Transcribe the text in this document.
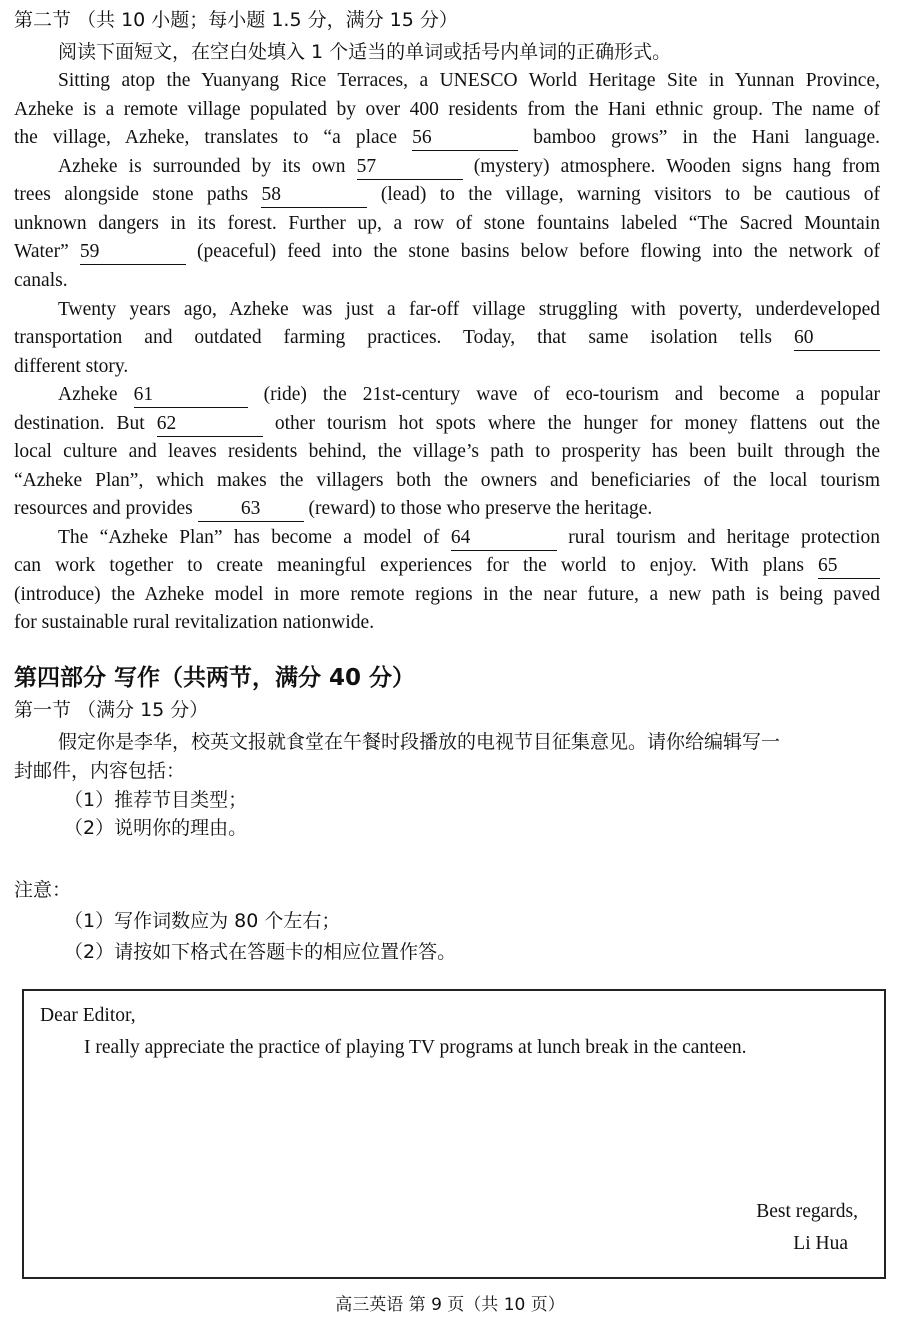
第二节 （共 10 小题；每小题 1.5 分，满分 15 分）
阅读下面短文，在空白处填入 1 个适当的单词或括号内单词的正确形式。
Sitting atop the Yuanyang Rice Terraces, a UNESCO World Heritage Site in Yunnan Province,
Azheke is a remote village populated by over 400 residents from the Hani ethnic group. The name of
the village, Azheke, translates to “a place 56	bamboo grows” in the Hani language.
Azheke is surrounded by its own 57	(mystery) atmosphere. Wooden signs hang from
trees alongside stone paths 58	(lead) to the village, warning visitors to be cautious of
unknown dangers in its forest. Further up, a row of stone fountains labeled “The Sacred Mountain
Water” 59	(peaceful) feed into the stone basins below before flowing into the network of
canals.
Twenty years ago, Azheke was just a far-off village struggling with poverty, underdeveloped
transportation and outdated farming practices. Today, that same isolation tells 60
different story.
Azheke 61	(ride) the 21st-century wave of eco-tourism and become a popular
destination. But 62	other tourism hot spots where the hunger for money flattens out the
local culture and leaves residents behind, the village’s path to prosperity has been built through the
“Azheke Plan”, which makes the villagers both the owners and beneficiaries of the local tourism
resources and provides 63 (reward) to those who preserve the heritage.
The “Azheke Plan” has become a model of 64	rural tourism and heritage protection
can work together to create meaningful experiences for the world to enjoy. With plans 65
(introduce) the Azheke model in more remote regions in the near future, a new path is being paved
for sustainable rural revitalization nationwide.
第四部分 写作（共两节，满分 40 分）
第一节 （满分 15 分）
假定你是李华，校英文报就食堂在午餐时段播放的电视节目征集意见。请你给编辑写一
封邮件，内容包括：
（1）推荐节目类型；
（2）说明你的理由。
注意：
（1）写作词数应为 80 个左右；
（2）请按如下格式在答题卡的相应位置作答。
Dear Editor,
I really appreciate the practice of playing TV programs at lunch break in the canteen.
Best regards,
Li Hua
高三英语 第 9 页（共 10 页）
